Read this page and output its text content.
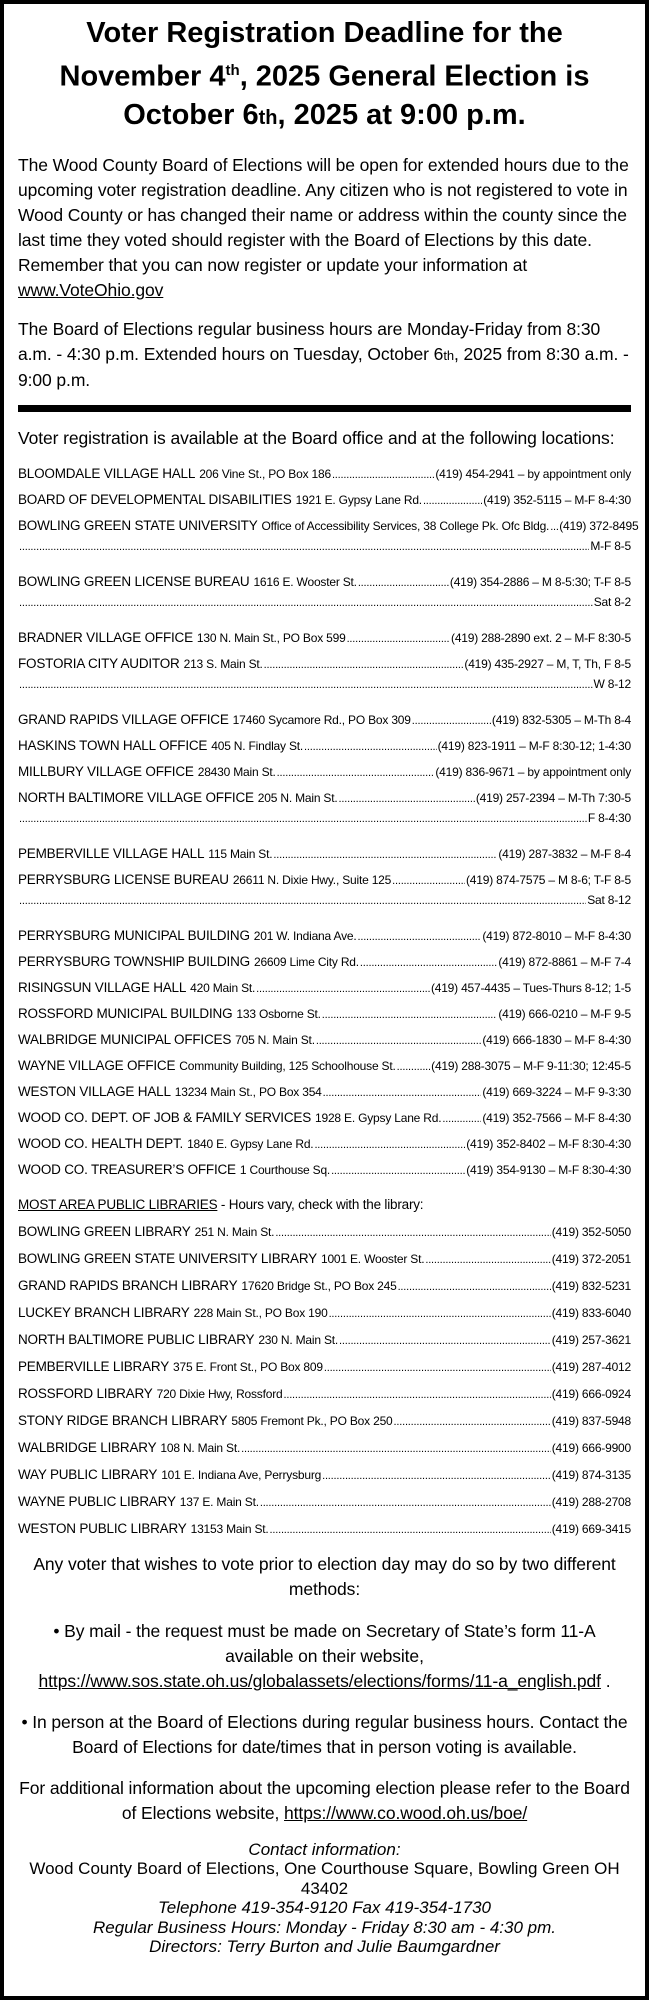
Voter Registration Deadline for the
November 4th, 2025 General Election is
October 6th, 2025 at 9:00 p.m.

The Wood County Board of Elections will be open for extended hours due to the upcoming voter registration deadline. Any citizen who is not registered to vote in Wood County or has changed their name or address within the county since the last time they voted should register with the Board of Elections by this date. Remember that you can now register or update your information at www.VoteOhio.gov

The Board of Elections regular business hours are Monday-Friday from 8:30 a.m. - 4:30 p.m. Extended hours on Tuesday, October 6th, 2025 from 8:30 a.m. - 9:00 p.m.

Voter registration is available at the Board office and at the following locations:

BLOOMDALE VILLAGE HALL 206 Vine St., PO Box 186 .....	(419) 454-2941 – by appointment only
BOARD OF DEVELOPMENTAL DISABILITIES 1921 E. Gypsy Lane Rd. .....	(419) 352-5115 – M-F 8-4:30
BOWLING GREEN STATE UNIVERSITY Office of Accessibility Services, 38 College Pk. Ofc Bldg. ..... (419) 372-8495
.....
M-F 8-5
BOWLING GREEN LICENSE BUREAU 1616 E. Wooster St. .....	(419) 354-2886 – M 8-5:30; T-F 8-5
.....
Sat 8-2
BRADNER VILLAGE OFFICE 130 N. Main St., PO Box 599 .....	(419) 288-2890 ext. 2 – M-F 8:30-5
FOSTORIA CITY AUDITOR 213 S. Main St. .....	(419) 435-2927 – M, T, Th, F 8-5
.....
W 8-12
GRAND RAPIDS VILLAGE OFFICE 17460 Sycamore Rd., PO Box 309 .....	(419) 832-5305 – M-Th 8-4
HASKINS TOWN HALL OFFICE 405 N. Findlay St. .....	(419) 823-1911 – M-F 8:30-12; 1-4:30
MILLBURY VILLAGE OFFICE 28430 Main St. .....	(419) 836-9671 – by appointment only
NORTH BALTIMORE VILLAGE OFFICE 205 N. Main St. .....	(419) 257-2394 – M-Th 7:30-5
.....
F 8-4:30
PEMBERVILLE VILLAGE HALL 115 Main St. .....	(419) 287-3832 – M-F 8-4
PERRYSBURG LICENSE BUREAU 26611 N. Dixie Hwy., Suite 125 .....	(419) 874-7575 – M 8-6; T-F 8-5
.....
Sat 8-12
PERRYSBURG MUNICIPAL BUILDING 201 W. Indiana Ave. .....	(419) 872-8010 – M-F 8-4:30
PERRYSBURG TOWNSHIP BUILDING 26609 Lime City Rd. .....	(419) 872-8861 – M-F 7-4
RISINGSUN VILLAGE HALL 420 Main St. .....	(419) 457-4435 – Tues-Thurs 8-12; 1-5
ROSSFORD MUNICIPAL BUILDING 133 Osborne St. .....	(419) 666-0210 – M-F 9-5
WALBRIDGE MUNICIPAL OFFICES 705 N. Main St. .....	(419) 666-1830 – M-F 8-4:30
WAYNE VILLAGE OFFICE Community Building, 125 Schoolhouse St. .....	(419) 288-3075 – M-F 9-11:30; 12:45-5
WESTON VILLAGE HALL 13234 Main St., PO Box 354 .....	(419) 669-3224 – M-F 9-3:30
WOOD CO. DEPT. OF JOB & FAMILY SERVICES 1928 E. Gypsy Lane Rd. .....	(419) 352-7566 – M-F 8-4:30
WOOD CO. HEALTH DEPT. 1840 E. Gypsy Lane Rd. .....	(419) 352-8402 – M-F 8:30-4:30
WOOD CO. TREASURER’S OFFICE 1 Courthouse Sq. .....	(419) 354-9130 – M-F 8:30-4:30
MOST AREA PUBLIC LIBRARIES - Hours vary, check with the library:
BOWLING GREEN LIBRARY 251 N. Main St. .....	(419) 352-5050
BOWLING GREEN STATE UNIVERSITY LIBRARY 1001 E. Wooster St. .....	(419) 372-2051
GRAND RAPIDS BRANCH LIBRARY 17620 Bridge St., PO Box 245 .....	(419) 832-5231
LUCKEY BRANCH LIBRARY 228 Main St., PO Box 190 .....	(419) 833-6040
NORTH BALTIMORE PUBLIC LIBRARY 230 N. Main St. .....	(419) 257-3621
PEMBERVILLE LIBRARY 375 E. Front St., PO Box 809 .....	(419) 287-4012
ROSSFORD LIBRARY 720 Dixie Hwy, Rossford .....	(419) 666-0924
STONY RIDGE BRANCH LIBRARY 5805 Fremont Pk., PO Box 250 .....	(419) 837-5948
WALBRIDGE LIBRARY 108 N. Main St. .....	(419) 666-9900
WAY PUBLIC LIBRARY 101 E. Indiana Ave, Perrysburg .....	(419) 874-3135
WAYNE PUBLIC LIBRARY 137 E. Main St. .....	(419) 288-2708
WESTON PUBLIC LIBRARY 13153 Main St. .....	(419) 669-3415

Any voter that wishes to vote prior to election day may do so by two different methods:

• By mail - the request must be made on Secretary of State’s form 11-A
available on their website,
https://www.sos.state.oh.us/globalassets/elections/forms/11-a_english.pdf .

• In person at the Board of Elections during regular business hours. Contact the Board of Elections for date/times that in person voting is available.

For additional information about the upcoming election please refer to the Board of Elections website, https://www.co.wood.oh.us/boe/

Contact information:
Wood County Board of Elections, One Courthouse Square, Bowling Green OH 43402
Telephone 419-354-9120 Fax 419-354-1730
Regular Business Hours: Monday - Friday 8:30 am - 4:30 pm.
Directors: Terry Burton and Julie Baumgardner
